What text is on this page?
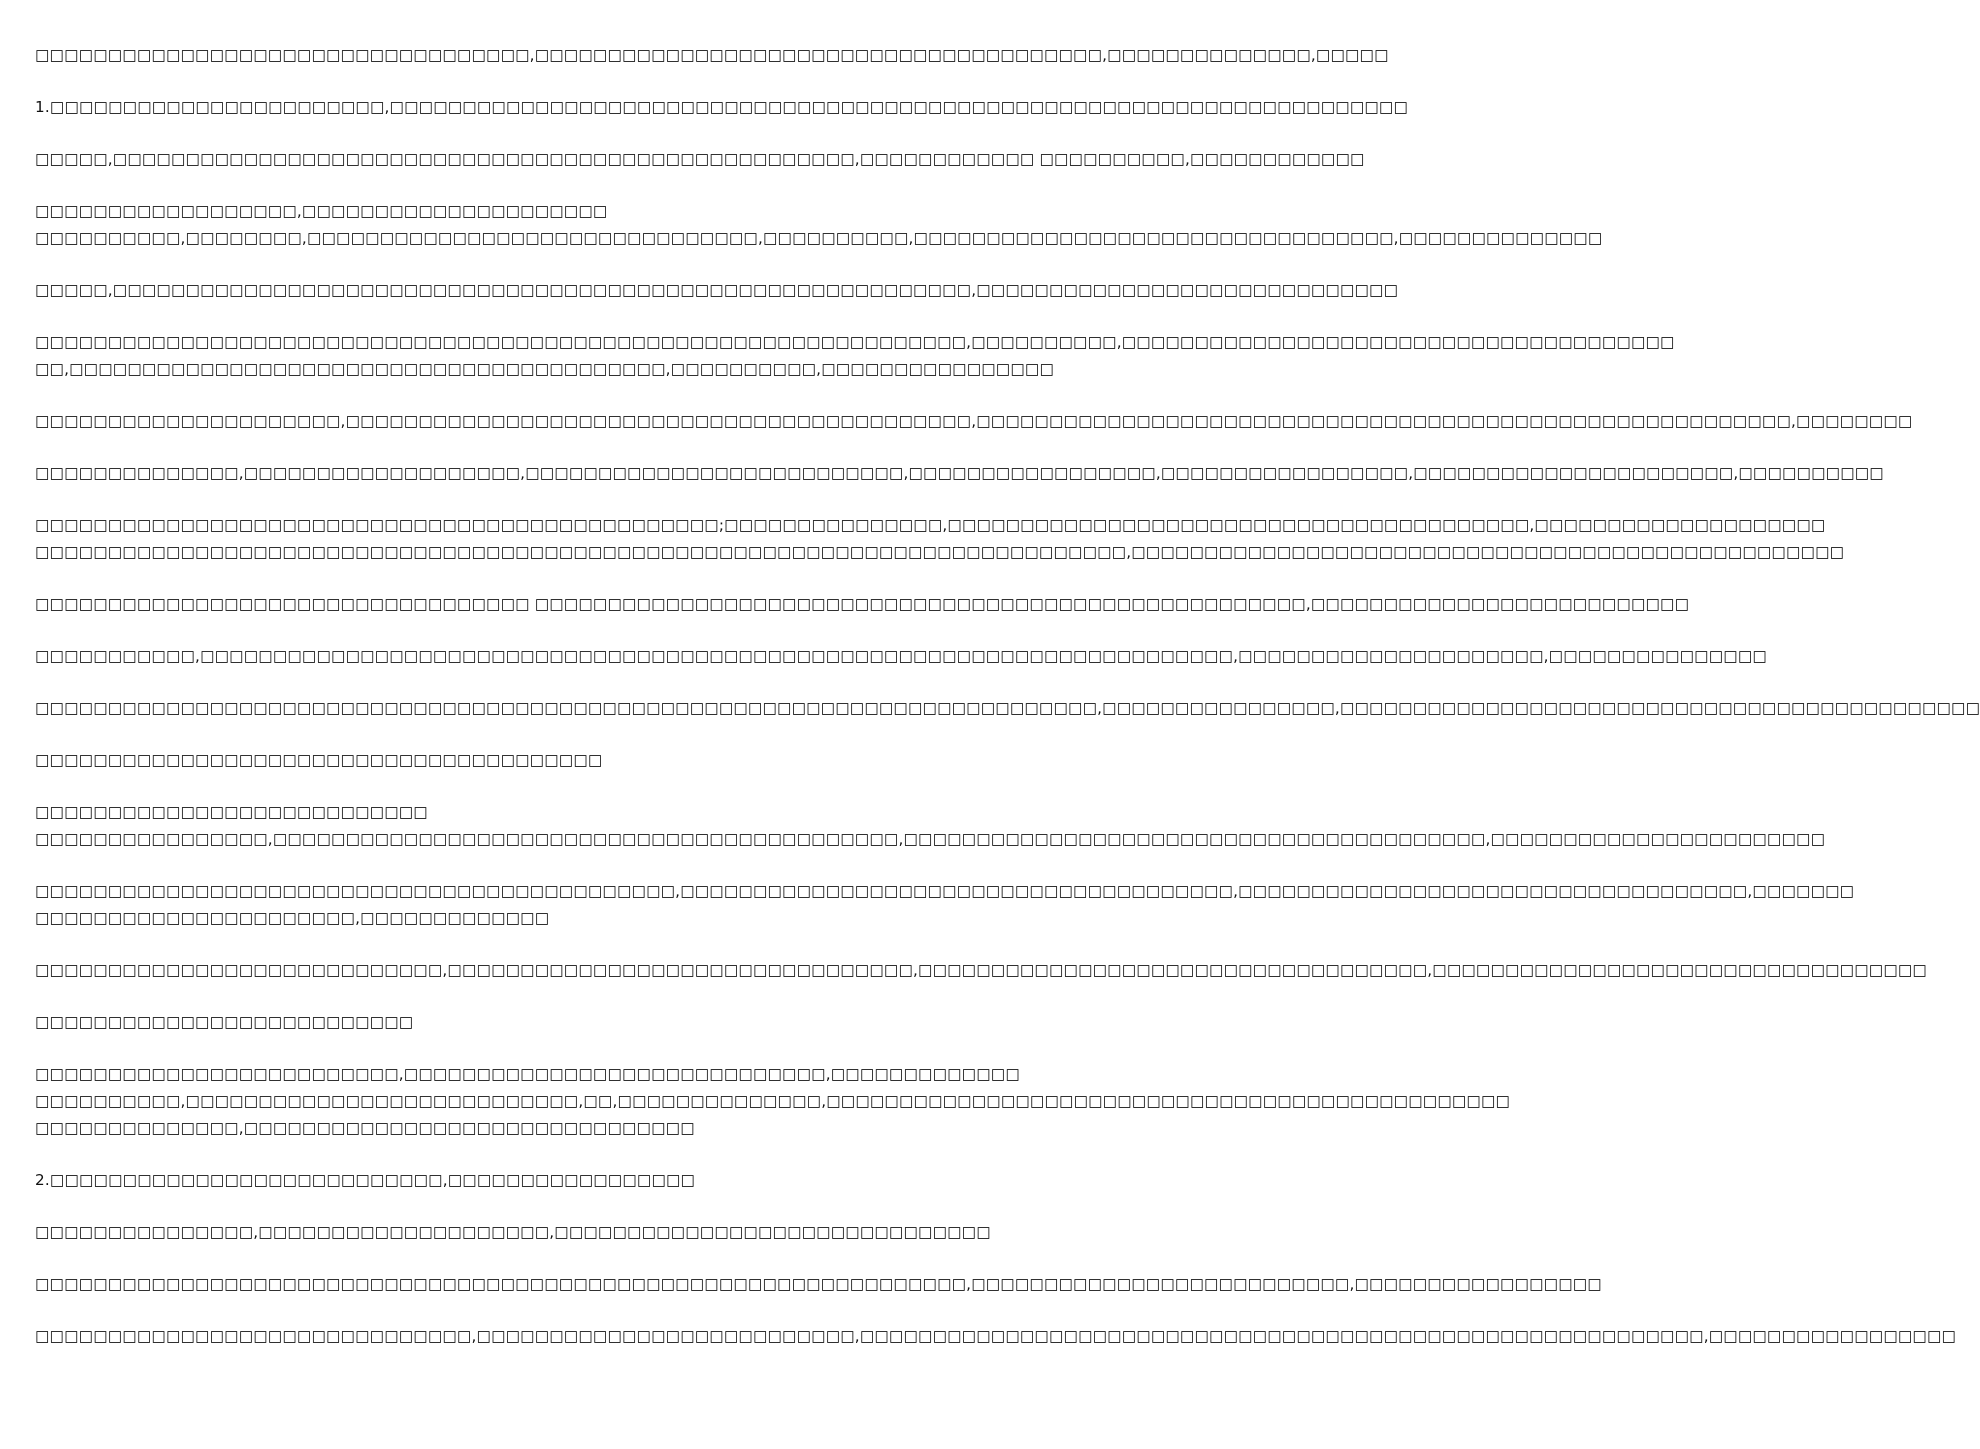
□□□□□□□□□□□□□□□□□□□□□□□□□□□□□□□□□□,□□□□□□□□□□□□□□□□□□□□□□□□□□□□□□□□□□□□□□□,□□□□□□□□□□□□□□,□□□□□

1.□□□□□□□□□□□□□□□□□□□□□□□,□□□□□□□□□□□□□□□□□□□□□□□□□□□□□□□□□□□□□□□□□□□□□□□□□□□□□□□□□□□□□□□□□□□□□□

□□□□□,□□□□□□□□□□□□□□□□□□□□□□□□□□□□□□□□□□□□□□□□□□□□□□□□□□□,□□□□□□□□□□□□ □□□□□□□□□□,□□□□□□□□□□□□

□□□□□□□□□□□□□□□□□□,□□□□□□□□□□□□□□□□□□□□□
□□□□□□□□□□,□□□□□□□□,□□□□□□□□□□□□□□□□□□□□□□□□□□□□□□□,□□□□□□□□□□,□□□□□□□□□□□□□□□□□□□□□□□□□□□□□□□□□,□□□□□□□□□□□□□□

□□□□□,□□□□□□□□□□□□□□□□□□□□□□□□□□□□□□□□□□□□□□□□□□□□□□□□□□□□□□□□□□□,□□□□□□□□□□□□□□□□□□□□□□□□□□□□□

□□□□□□□□□□□□□□□□□□□□□□□□□□□□□□□□□□□□□□□□□□□□□□□□□□□□□□□□□□□□□□□□,□□□□□□□□□□,□□□□□□□□□□□□□□□□□□□□□□□□□□□□□□□□□□□□□□
□□,□□□□□□□□□□□□□□□□□□□□□□□□□□□□□□□□□□□□□□□□□,□□□□□□□□□□,□□□□□□□□□□□□□□□□

□□□□□□□□□□□□□□□□□□□□□,□□□□□□□□□□□□□□□□□□□□□□□□□□□□□□□□□□□□□□□□□□□,□□□□□□□□□□□□□□□□□□□□□□□□□□□□□□□□□□□□□□□□□□□□□□□□□□□□□□□□,□□□□□□□□

□□□□□□□□□□□□□□,□□□□□□□□□□□□□□□□□□□,□□□□□□□□□□□□□□□□□□□□□□□□□□,□□□□□□□□□□□□□□□□□,□□□□□□□□□□□□□□□□□,□□□□□□□□□□□□□□□□□□□□□□,□□□□□□□□□□

□□□□□□□□□□□□□□□□□□□□□□□□□□□□□□□□□□□□□□□□□□□□□□□;□□□□□□□□□□□□□□□,□□□□□□□□□□□□□□□□□□□□□□□□□□□□□□□□□□□□□□□□,□□□□□□□□□□□□□□□□□□□□
□□□□□□□□□□□□□□□□□□□□□□□□□□□□□□□□□□□□□□□□□□□□□□□□□□□□□□□□□□□□□□□□□□□□□□□□□□□,□□□□□□□□□□□□□□□□□□□□□□□□□□□□□□□□□□□□□□□□□□□□□□□□□

□□□□□□□□□□□□□□□□□□□□□□□□□□□□□□□□□□ □□□□□□□□□□□□□□□□□□□□□□□□□□□□□□□□□□□□□□□□□□□□□□□□□□□□□,□□□□□□□□□□□□□□□□□□□□□□□□□□

□□□□□□□□□□□,□□□□□□□□□□□□□□□□□□□□□□□□□□□□□□□□□□□□□□□□□□□□□□□□□□□□□□□□□□□□□□□□□□□□□□□,□□□□□□□□□□□□□□□□□□□□□,□□□□□□□□□□□□□□□

□□□□□□□□□□□□□□□□□□□□□□□□□□□□□□□□□□□□□□□□□□□□□□□□□□□□□□□□□□□□□□□□□□□□□□□□□,□□□□□□□□□□□□□□□□,□□□□□□□□□□□□□□□□□□□□□□□□□□□□□□□□□□□□□□□□□□□□

□□□□□□□□□□□□□□□□□□□□□□□□□□□□□□□□□□□□□□□

□□□□□□□□□□□□□□□□□□□□□□□□□□□
□□□□□□□□□□□□□□□□,□□□□□□□□□□□□□□□□□□□□□□□□□□□□□□□□□□□□□□□□□□□,□□□□□□□□□□□□□□□□□□□□□□□□□□□□□□□□□□□□□□□□,□□□□□□□□□□□□□□□□□□□□□□□

□□□□□□□□□□□□□□□□□□□□□□□□□□□□□□□□□□□□□□□□□□□□,□□□□□□□□□□□□□□□□□□□□□□□□□□□□□□□□□□□□□□,□□□□□□□□□□□□□□□□□□□□□□□□□□□□□□□□□□□,□□□□□□□
□□□□□□□□□□□□□□□□□□□□□□,□□□□□□□□□□□□□

□□□□□□□□□□□□□□□□□□□□□□□□□□□□,□□□□□□□□□□□□□□□□□□□□□□□□□□□□□□□□,□□□□□□□□□□□□□□□□□□□□□□□□□□□□□□□□□□□,□□□□□□□□□□□□□□□□□□□□□□□□□□□□□□□□□□

□□□□□□□□□□□□□□□□□□□□□□□□□□

□□□□□□□□□□□□□□□□□□□□□□□□□,□□□□□□□□□□□□□□□□□□□□□□□□□□□□□,□□□□□□□□□□□□□
□□□□□□□□□□,□□□□□□□□□□□□□□□□□□□□□□□□□□□,□□,□□□□□□□□□□□□□□,□□□□□□□□□□□□□□□□□□□□□□□□□□□□□□□□□□□□□□□□□□□□□□□
□□□□□□□□□□□□□□,□□□□□□□□□□□□□□□□□□□□□□□□□□□□□□□

2.□□□□□□□□□□□□□□□□□□□□□□□□□□□,□□□□□□□□□□□□□□□□□

□□□□□□□□□□□□□□□,□□□□□□□□□□□□□□□□□□□□,□□□□□□□□□□□□□□□□□□□□□□□□□□□□□□

□□□□□□□□□□□□□□□□□□□□□□□□□□□□□□□□□□□□□□□□□□□□□□□□□□□□□□□□□□□□□□□□,□□□□□□□□□□□□□□□□□□□□□□□□□□,□□□□□□□□□□□□□□□□□

□□□□□□□□□□□□□□□□□□□□□□□□□□□□□□,□□□□□□□□□□□□□□□□□□□□□□□□□□,□□□□□□□□□□□□□□□□□□□□□□□□□□□□□□□□□□□□□□□□□□□□□□□□□□□□□□□□□□,□□□□□□□□□□□□□□□□□
